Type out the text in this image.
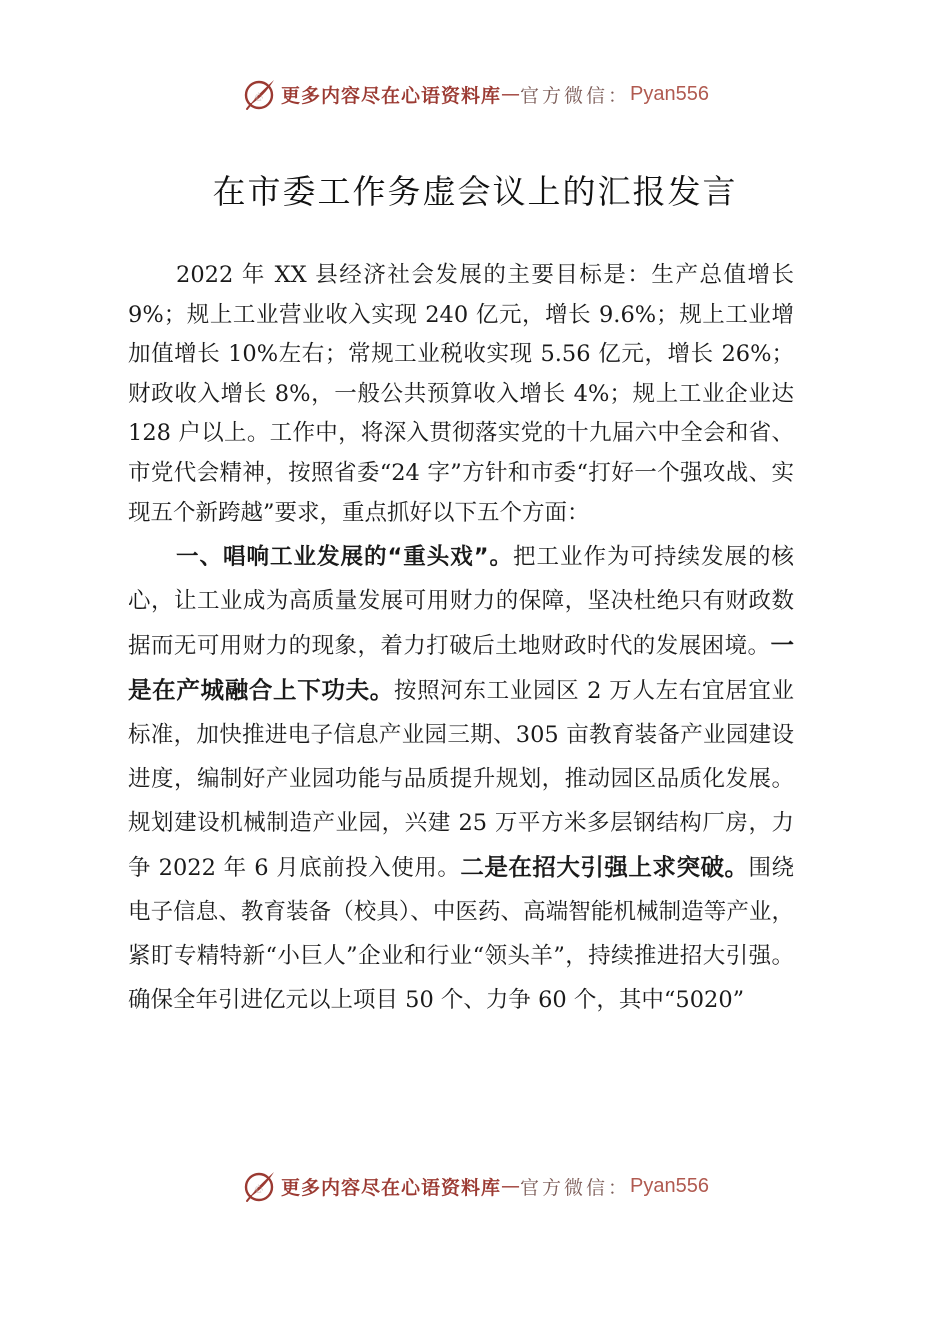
心 更多内容尽在心语资料库 — 官方微信： Pyan556
在市委工作务虚会议上的汇报发言

2022 年 XX 县经济社会发展的主要目标是：生产总值增长 9%；规上工业营业收入实现 240 亿元，增长 9.6%；规上工业增加值增长 10%左右；常规工业税收实现 5.56 亿元，增长 26%；财政收入增长 8%，一般公共预算收入增长 4%；规上工业企业达 128 户以上。工作中，将深入贯彻落实党的十九届六中全会和省、市党代会精神，按照省委“24 字”方针和市委“打好一个强攻战、实现五个新跨越”要求，重点抓好以下五个方面：

一、唱响工业发展的“重头戏”。把工业作为可持续发展的核心，让工业成为高质量发展可用财力的保障，坚决杜绝只有财政数据而无可用财力的现象，着力打破后土地财政时代的发展困境。一是在产城融合上下功夫。按照河东工业园区 2 万人左右宜居宜业标准，加快推进电子信息产业园三期、305 亩教育装备产业园建设进度，编制好产业园功能与品质提升规划，推动园区品质化发展。规划建设机械制造产业园，兴建 25 万平方米多层钢结构厂房，力争 2022 年 6 月底前投入使用。二是在招大引强上求突破。围绕电子信息、教育装备（校具）、中医药、高端智能机械制造等产业，紧盯专精特新“小巨人”企业和行业“领头羊”，持续推进招大引强。确保全年引进亿元以上项目 50 个、力争 60 个，其中“5020”

心 更多内容尽在心语资料库 — 官方微信： Pyan556
